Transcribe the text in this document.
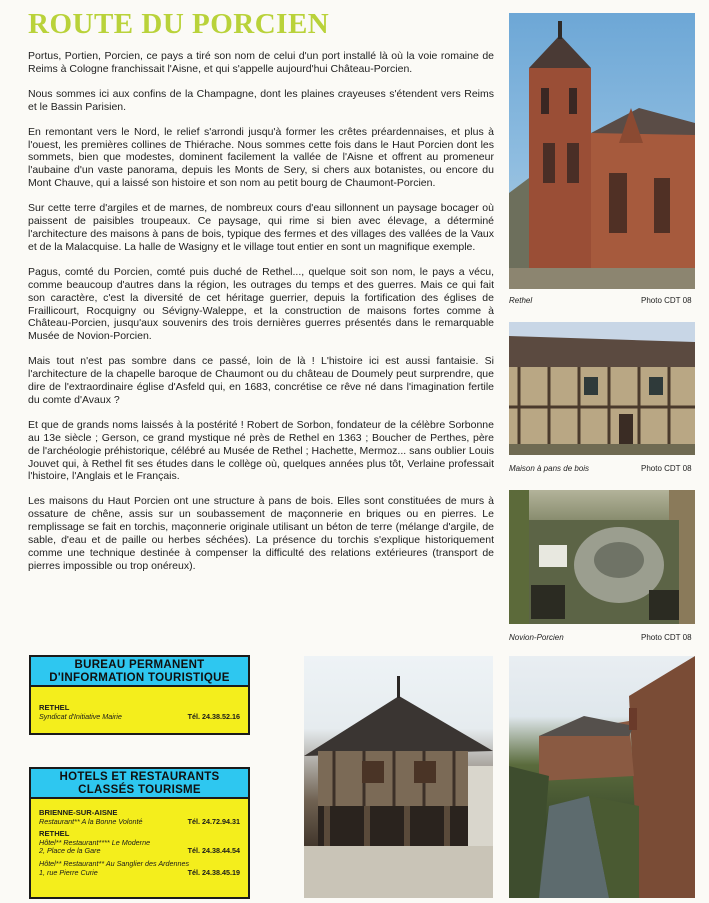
ROUTE DU PORCIEN

Portus, Portien, Porcien, ce pays a tiré son nom de celui d'un port installé là où la voie romaine de Reims à Cologne franchissait l'Aisne, et qui s'appelle aujourd'hui Château-Porcien.

Nous sommes ici aux confins de la Champagne, dont les plaines crayeuses s'étendent vers Reims et le Bassin Parisien.

En remontant vers le Nord, le relief s'arrondi jusqu'à former les crêtes préardennaises, et plus à l'ouest, les premières collines de Thiérache. Nous sommes cette fois dans le Haut Porcien dont les sommets, bien que modestes, dominent facilement la vallée de l'Aisne et offrent au promeneur l'aubaine d'un vaste panorama, depuis les Monts de Sery, si chers aux botanistes, ou encore du Mont Chauve, qui a laissé son histoire et son nom au petit bourg de Chaumont-Porcien.

Sur cette terre d'argiles et de marnes, de nombreux cours d'eau sillonnent un paysage bocager où paissent de paisibles troupeaux. Ce paysage, qui rime si bien avec élevage, a déterminé l'architecture des maisons à pans de bois, typique des fermes et des villages des vallées de la Vaux et de la Malacquise. La halle de Wasigny et le village tout entier en sont un magnifique exemple.

Pagus, comté du Porcien, comté puis duché de Rethel..., quelque soit son nom, le pays a vécu, comme beaucoup d'autres dans la région, les outrages du temps et des guerres. Mais ce qui fait son caractère, c'est la diversité de cet héritage guerrier, depuis la fortification des églises de Fraillicourt, Rocquigny ou Sévigny-Waleppe, et la construction de maisons fortes comme à Château-Porcien, jusqu'aux souvenirs des trois dernières guerres présentés dans le remarquable Musée de Novion-Porcien.

Mais tout n'est pas sombre dans ce passé, loin de là ! L'histoire ici est aussi fantaisie. Si l'architecture de la chapelle baroque de Chaumont ou du château de Doumely peut surprendre, que dire de l'extraordinaire église d'Asfeld qui, en 1683, concrétise ce rêve né dans l'imagination fertile du comte d'Avaux ?

Et que de grands noms laissés à la postérité ! Robert de Sorbon, fondateur de la célèbre Sorbonne au 13e siècle ; Gerson, ce grand mystique né près de Rethel en 1363 ; Boucher de Perthes, père de l'archéologie préhistorique, célébré au Musée de Rethel ; Hachette, Mermoz... sans oublier Louis Jouvet qui, à Rethel fit ses études dans le collège où, quelques années plus tôt, Verlaine professait l'histoire, l'Anglais et le Français.

Les maisons du Haut Porcien ont une structure à pans de bois. Elles sont constituées de murs à ossature de chêne, assis sur un soubassement de maçonnerie en briques ou en pierres. Le remplissage se fait en torchis, maçonnerie originale utilisant un béton de terre (mélange d'argile, de sable, d'eau et de paille ou herbes séchées). La présence du torchis s'explique historiquement comme une technique destinée à compenser la difficulté des relations extérieures (transport de pierres impossible ou trop onéreux).

Rethel	Photo CDT 08
Maison à pans de bois	Photo CDT 08
Novion-Porcien	Photo CDT 08
BUREAU PERMANENT
D'INFORMATION TOURISTIQUE
RETHEL
Syndicat d'Initiative Mairie	Tél. 24.38.52.16
HOTELS ET RESTAURANTS
CLASSÉS TOURISME
BRIENNE-SUR-AISNE
Restaurant** A la Bonne Volonté	Tél. 24.72.94.31
RETHEL
Hôtel** Restaurant**** Le Moderne
2, Place de la Gare	Tél. 24.38.44.54
Hôtel** Restaurant** Au Sanglier des Ardennes
1, rue Pierre Curie	Tél. 24.38.45.19
